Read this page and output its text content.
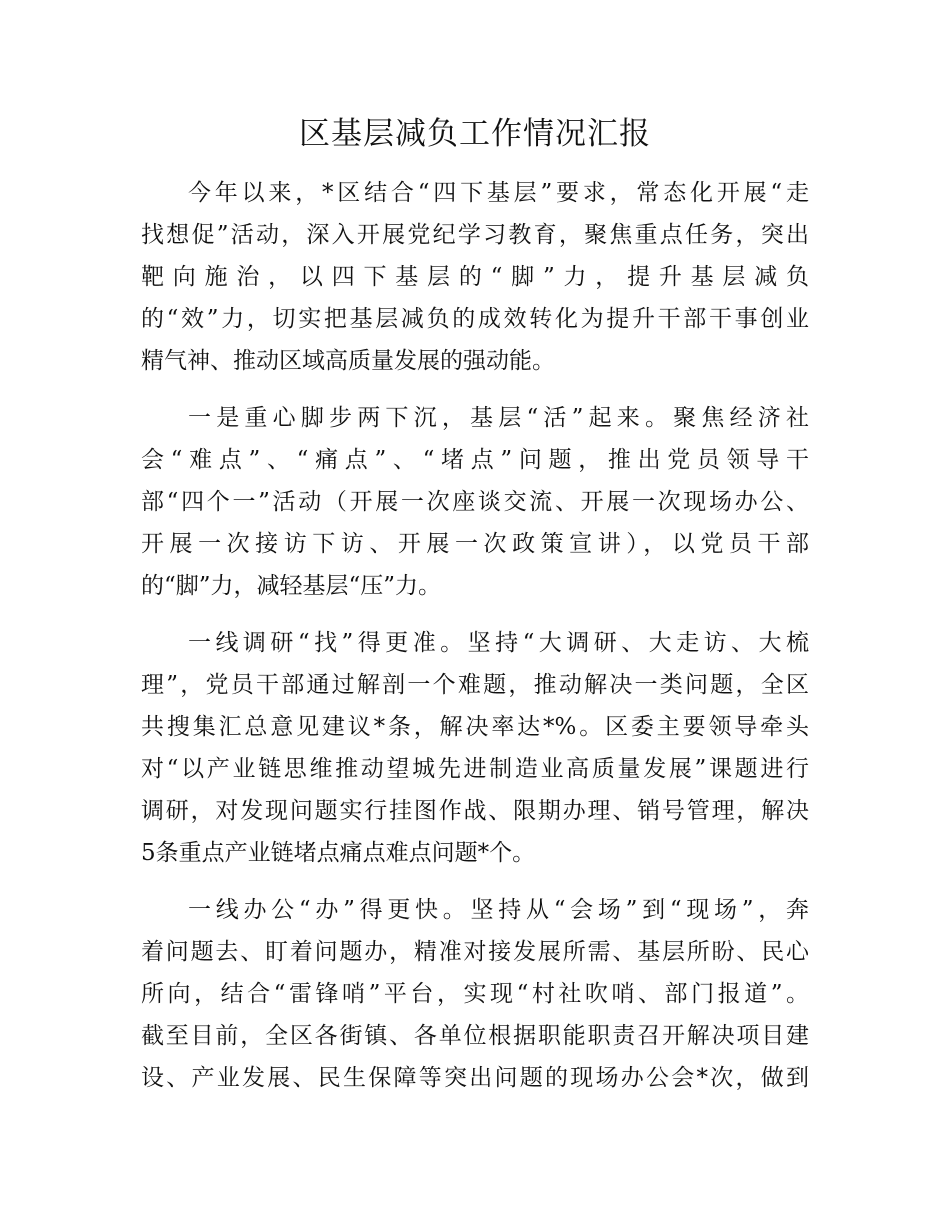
区基层减负工作情况汇报
今年以来，*区结合“四下基层”要求，常态化开展“走
找想促”活动，深入开展党纪学习教育，聚焦重点任务，突出
靶向施治，以四下基层的“脚”力，提升基层减负
的“效”力，切实把基层减负的成效转化为提升干部干事创业
精气神、推动区域高质量发展的强动能。
一是重心脚步两下沉，基层“活”起来。聚焦经济社
会“难点”、“痛点”、“堵点”问题，推出党员领导干
部“四个一”活动（开展一次座谈交流、开展一次现场办公、
开展一次接访下访、开展一次政策宣讲），以党员干部
的“脚”力，减轻基层“压”力。
一线调研“找”得更准。坚持“大调研、大走访、大梳
理”，党员干部通过解剖一个难题，推动解决一类问题，全区
共搜集汇总意见建议*条，解决率达*%。区委主要领导牵头
对“以产业链思维推动望城先进制造业高质量发展”课题进行
调研，对发现问题实行挂图作战、限期办理、销号管理，解决
5条重点产业链堵点痛点难点问题*个。
一线办公“办”得更快。坚持从“会场”到“现场”，奔
着问题去、盯着问题办，精准对接发展所需、基层所盼、民心
所向，结合“雷锋哨”平台，实现“村社吹哨、部门报道”。
截至目前，全区各街镇、各单位根据职能职责召开解决项目建
设、产业发展、民生保障等突出问题的现场办公会*次，做到
